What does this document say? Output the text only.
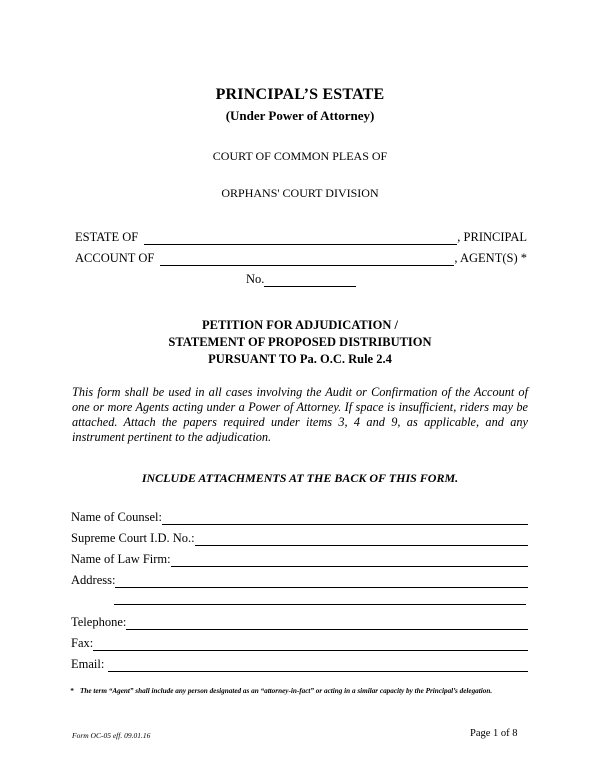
PRINCIPAL’S ESTATE
(Under Power of Attorney)
COURT OF COMMON PLEAS OF
ORPHANS' COURT DIVISION
ESTATE OF	, PRINCIPAL
ACCOUNT OF	, AGENT(S) *
No.
PETITION FOR ADJUDICATION /
STATEMENT OF PROPOSED DISTRIBUTION
PURSUANT TO Pa. O.C. Rule 2.4
This form shall be used in all cases involving the Audit or Confirmation of the Account of one or more Agents acting under a Power of Attorney. If space is insufficient, riders may be attached. Attach the papers required under items 3, 4 and 9, as applicable, and any instrument pertinent to the adjudication.
INCLUDE ATTACHMENTS AT THE BACK OF THIS FORM.
Name of Counsel:
Supreme Court I.D. No.:
Name of Law Firm:
Address:
Telephone:
Fax:
Email:
* The term “Agent” shall include any person designated as an “attorney-in-fact” or acting in a similar capacity by the Principal’s delegation.
Form OC-05 eff. 09.01.16	Page 1 of 8
